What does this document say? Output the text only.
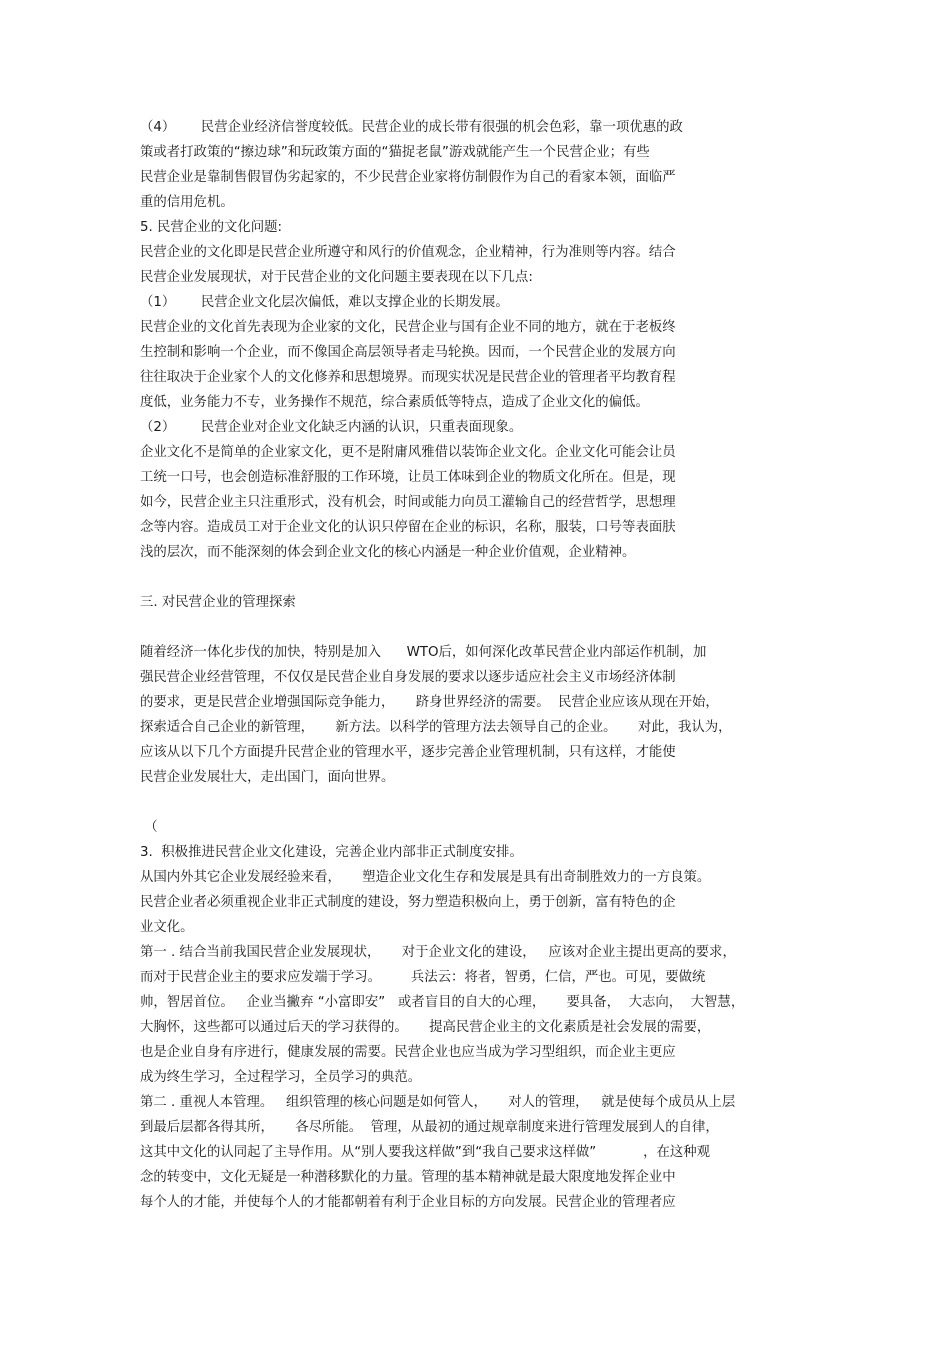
（4）      民营企业经济信誉度较低。民营企业的成长带有很强的机会色彩，靠一项优惠的政
策或者打政策的“擦边球”和玩政策方面的“猫捉老鼠”游戏就能产生一个民营企业；有些
民营企业是靠制售假冒伪劣起家的，不少民营企业家将仿制假作为自己的看家本领，面临严
重的信用危机。
5. 民营企业的文化问题:
民营企业的文化即是民营企业所遵守和风行的价值观念，企业精神，行为准则等内容。结合
民营企业发展现状，对于民营企业的文化问题主要表现在以下几点:
（1）      民营企业文化层次偏低，难以支撑企业的长期发展。
民营企业的文化首先表现为企业家的文化，民营企业与国有企业不同的地方，就在于老板终
生控制和影响一个企业，而不像国企高层领导者走马轮换。因而，一个民营企业的发展方向
往往取决于企业家个人的文化修养和思想境界。而现实状况是民营企业的管理者平均教育程
度低，业务能力不专，业务操作不规范，综合素质低等特点，造成了企业文化的偏低。
（2）      民营企业对企业文化缺乏内涵的认识，只重表面现象。
企业文化不是简单的企业家文化，更不是附庸风雅借以装饰企业文化。企业文化可能会让员
工统一口号，也会创造标准舒服的工作环境，让员工体味到企业的物质文化所在。但是，现
如今，民营企业主只注重形式，没有机会，时间或能力向员工灌输自己的经营哲学，思想理
念等内容。造成员工对于企业文化的认识只停留在企业的标识，名称，服装，口号等表面肤
浅的层次，而不能深刻的体会到企业文化的核心内涵是一种企业价值观，企业精神。
三. 对民营企业的管理探索
随着经济一体化步伐的加快，特别是加入      WTO后，如何深化改革民营企业内部运作机制，加
强民营企业经营管理，不仅仅是民营企业自身发展的要求以逐步适应社会主义市场经济体制
的要求，更是民营企业增强国际竞争能力，     跻身世界经济的需要。  民营企业应该从现在开始，
探索适合自己企业的新管理，     新方法。以科学的管理方法去领导自己的企业。     对此，我认为，
应该从以下几个方面提升民营企业的管理水平，逐步完善企业管理机制，只有这样，才能使
民营企业发展壮大，走出国门，面向世界。
（
3.  积极推进民营企业文化建设，完善企业内部非正式制度安排。
从国内外其它企业发展经验来看，     塑造企业文化生存和发展是具有出奇制胜效力的一方良策。
民营企业者必须重视企业非正式制度的建设，努力塑造积极向上，勇于创新，富有特色的企
业文化。
第一 . 结合当前我国民营企业发展现状，     对于企业文化的建设，   应该对企业主提出更高的要求，
而对于民营企业主的要求应发端于学习。       兵法云：将者，智勇，仁信，严也。可见，要做统
帅，智居首位。   企业当撇弃 “小富即安”   或者盲目的自大的心理，     要具备，  大志向，  大智慧，
大胸怀，这些都可以通过后天的学习获得的。     提高民营企业主的文化素质是社会发展的需要，
也是企业自身有序进行，健康发展的需要。民营企业也应当成为学习型组织，而企业主更应
成为终生学习，全过程学习，全员学习的典范。
第二 . 重视人本管理。   组织管理的核心问题是如何管人，     对人的管理，   就是使每个成员从上层
到最后层都各得其所，     各尽所能。  管理，从最初的通过规章制度来进行管理发展到人的自律，
这其中文化的认同起了主导作用。从“别人要我这样做”到“我自己要求这样做”           ，在这种观
念的转变中，文化无疑是一种潜移默化的力量。管理的基本精神就是最大限度地发挥企业中
每个人的才能，并使每个人的才能都朝着有利于企业目标的方向发展。民营企业的管理者应
